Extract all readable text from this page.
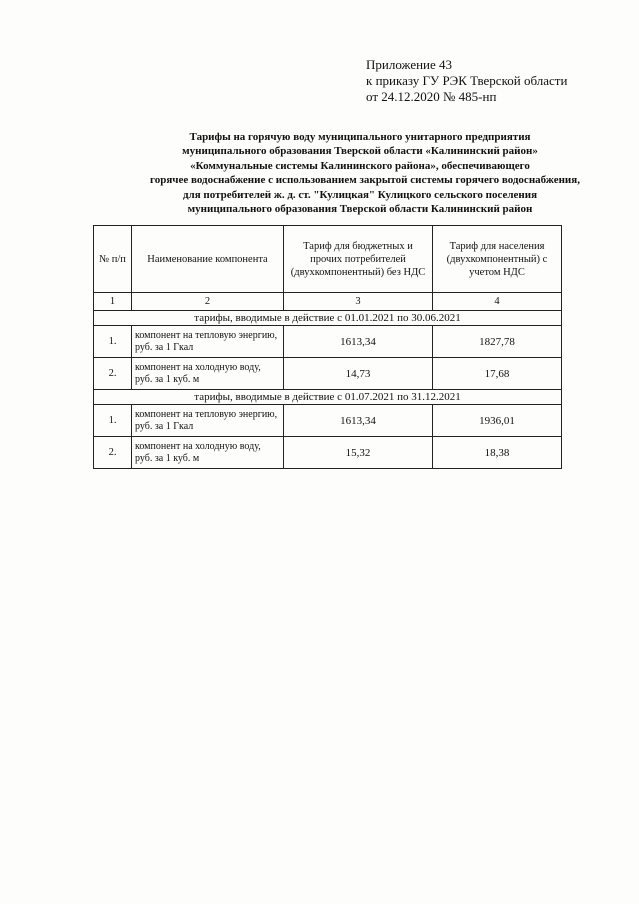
Приложение 43
к приказу ГУ РЭК Тверской области
от 24.12.2020 № 485-нп
Тарифы на горячую воду муниципального унитарного предприятия
муниципального образования Тверской области «Калининский район»
«Коммунальные системы Калининского района», обеспечивающего
горячее водоснабжение с использованием закрытой системы горячего водоснабжения,
для потребителей ж. д. ст. "Кулицкая" Кулицкого сельского поселения
муниципального образования Тверской области Калининский район
№ п/п	Наименование компонента	Тариф для бюджетных и прочих потребителей (двухкомпонентный) без НДС	Тариф для населения (двухкомпонентный) с учетом НДС
1	2	3	4
тарифы, вводимые в действие с 01.01.2021 по 30.06.2021			
1.	компонент на тепловую энергию, руб. за 1 Гкал	1613,34	1827,78
2.	компонент на холодную воду, руб. за 1 куб. м	14,73	17,68
тарифы, вводимые в действие с 01.07.2021 по 31.12.2021			
1.	компонент на тепловую энергию, руб. за 1 Гкал	1613,34	1936,01
2.	компонент на холодную воду, руб. за 1 куб. м	15,32	18,38
